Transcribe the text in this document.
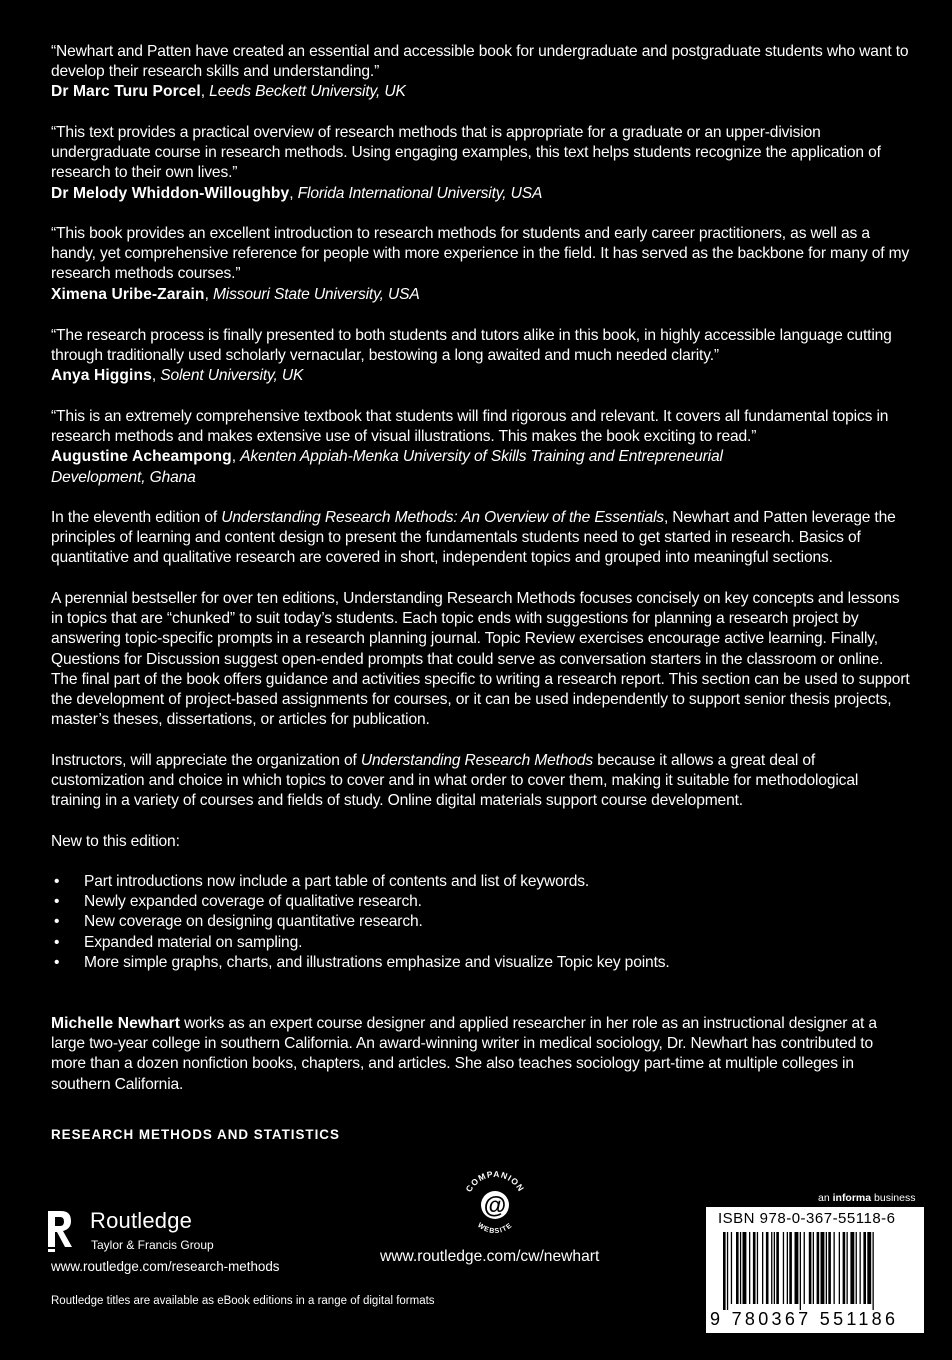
“Newhart and Patten have created an essential and accessible book for undergraduate and postgraduate students who want to develop their research skills and understanding.”

Dr Marc Turu Porcel, Leeds Beckett University, UK

“This text provides a practical overview of research methods that is appropriate for a graduate or an upper-division undergraduate course in research methods. Using engaging examples, this text helps students recognize the application of research to their own lives.”

Dr Melody Whiddon-Willoughby, Florida International University, USA

“This book provides an excellent introduction to research methods for students and early career practitioners, as well as a handy, yet comprehensive reference for people with more experience in the field. It has served as the backbone for many of my research methods courses.”

Ximena Uribe-Zarain, Missouri State University, USA

“The research process is finally presented to both students and tutors alike in this book, in highly accessible language cutting through traditionally used scholarly vernacular, bestowing a long awaited and much needed clarity.”

Anya Higgins, Solent University, UK

“This is an extremely comprehensive textbook that students will find rigorous and relevant. It covers all fundamental topics in research methods and makes extensive use of visual illustrations. This makes the book exciting to read.”

Augustine Acheampong, Akenten Appiah-Menka University of Skills Training and Entrepreneurial

Development, Ghana

In the eleventh edition of Understanding Research Methods: An Overview of the Essentials, Newhart and Patten leverage the principles of learning and content design to present the fundamentals students need to get started in research. Basics of quantitative and qualitative research are covered in short, independent topics and grouped into meaningful sections.

A perennial bestseller for over ten editions, Understanding Research Methods focuses concisely on key concepts and lessons in topics that are “chunked” to suit today’s students. Each topic ends with suggestions for planning a research project by answering topic-specific prompts in a research planning journal. Topic Review exercises encourage active learning. Finally, Questions for Discussion suggest open-ended prompts that could serve as conversation starters in the classroom or online. The final part of the book offers guidance and activities specific to writing a research report. This section can be used to support the development of project-based assignments for courses, or it can be used independently to support senior thesis projects, master’s theses, dissertations, or articles for publication.

Instructors, will appreciate the organization of Understanding Research Methods because it allows a great deal of customization and choice in which topics to cover and in what order to cover them, making it suitable for methodological training in a variety of courses and fields of study. Online digital materials support course development.

New to this edition:

• Part introductions now include a part table of contents and list of keywords.
• Newly expanded coverage of qualitative research.
• New coverage on designing quantitative research.
• Expanded material on sampling.
• More simple graphs, charts, and illustrations emphasize and visualize Topic key points.

Michelle Newhart works as an expert course designer and applied researcher in her role as an instructional designer at a large two-year college in southern California. An award-winning writer in medical sociology, Dr. Newhart has contributed to more than a dozen nonfiction books, chapters, and articles. She also teaches sociology part-time at multiple colleges in southern California.

RESEARCH METHODS AND STATISTICS
Routledge
Taylor & Francis Group
www.routledge.com/research-methods
COMPANION
@
WEBSITE
www.routledge.com/cw/newhart
Routledge titles are available as eBook editions in a range of digital formats
an informa business
ISBN 978-0-367-55118-6
9 780367 551186
